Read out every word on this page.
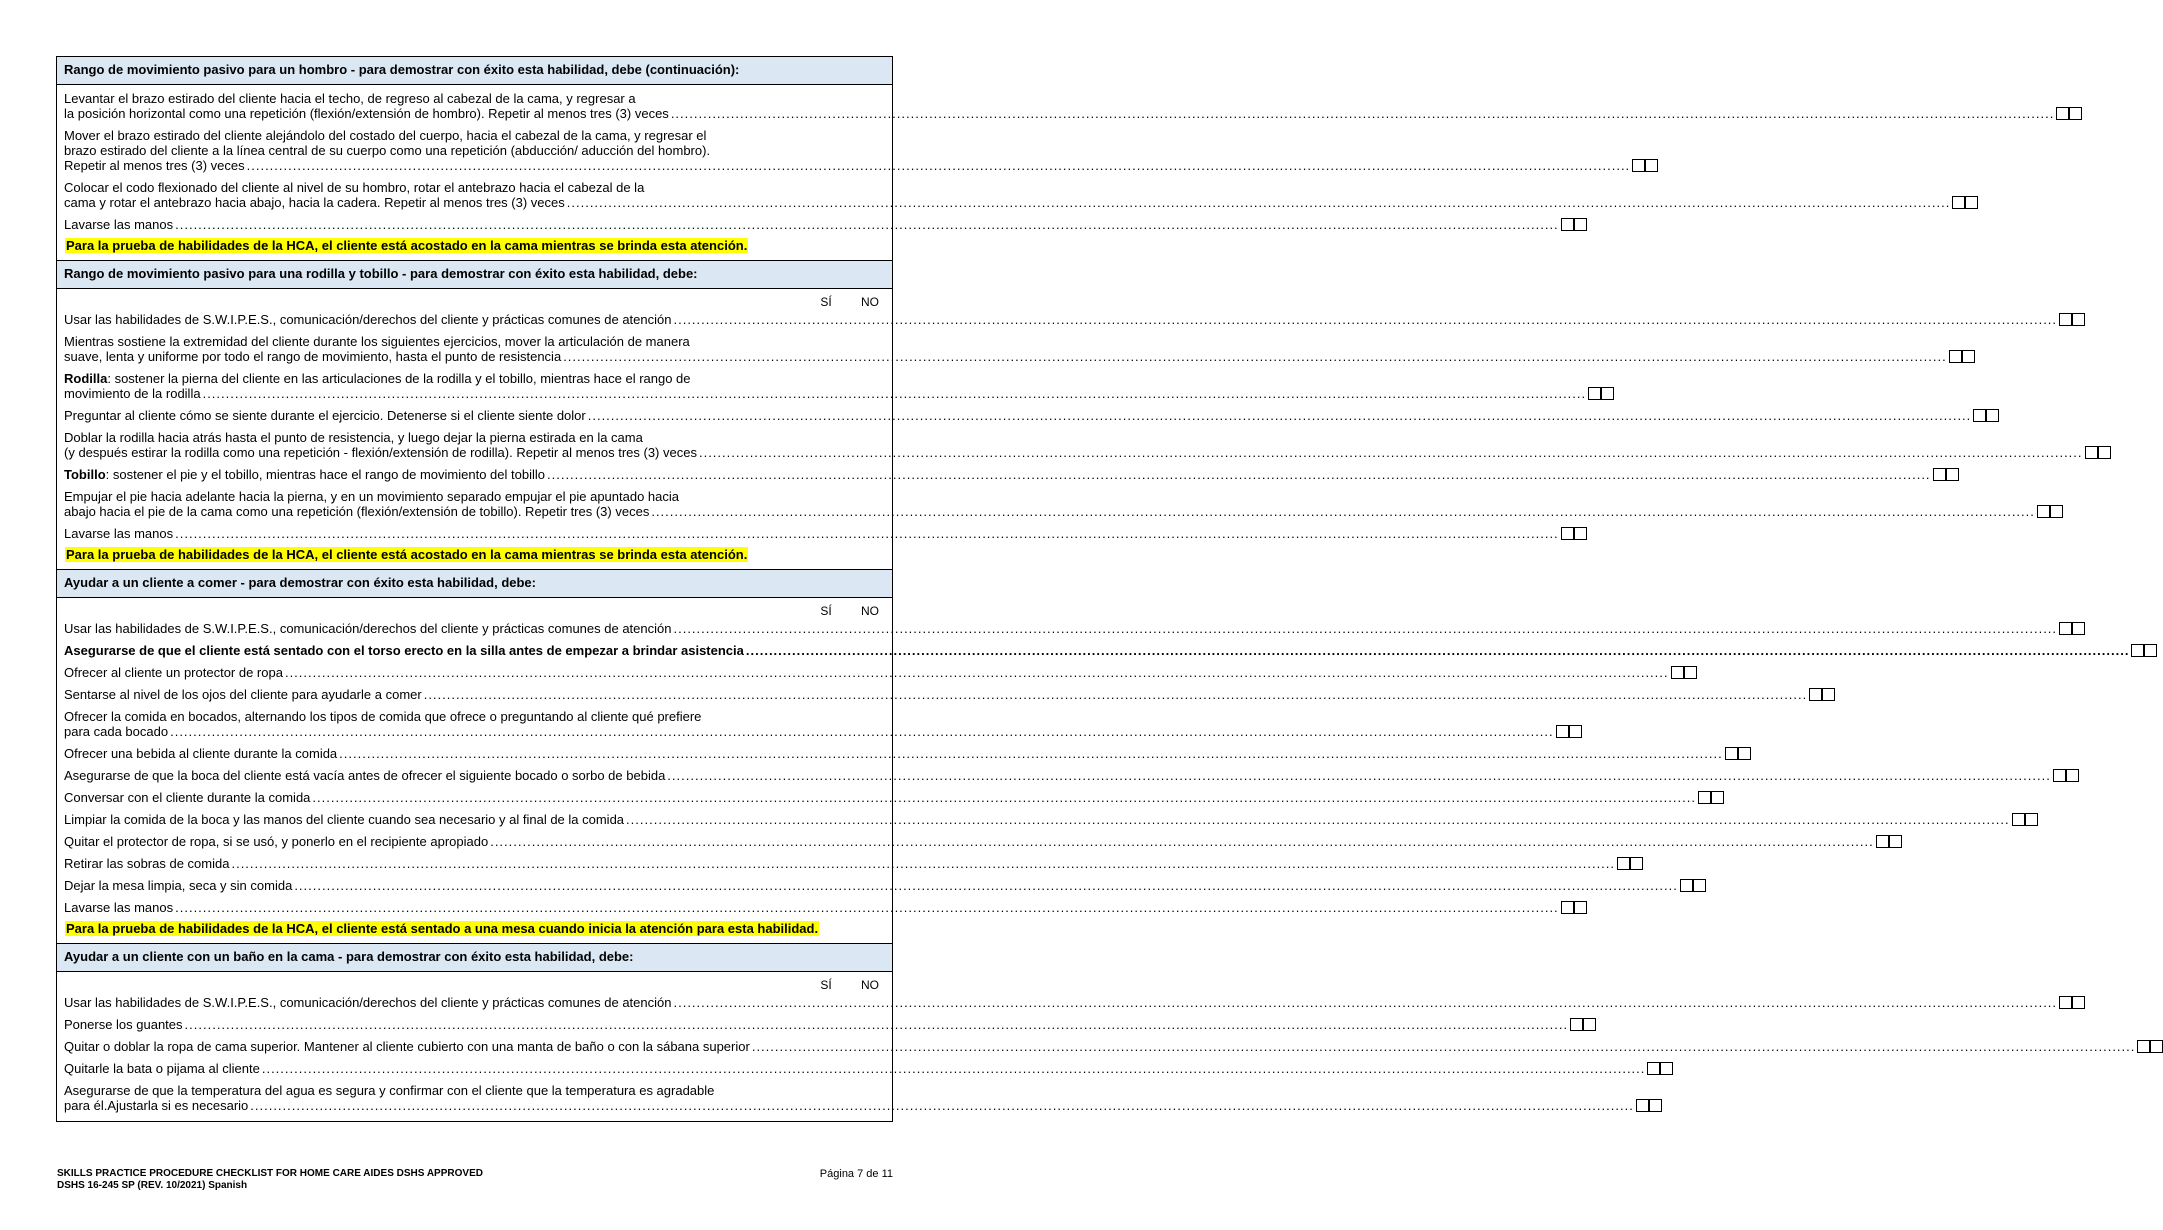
Rango de movimiento pasivo para un hombro - para demostrar con éxito esta habilidad, debe (continuación):
Levantar el brazo estirado del cliente hacia el techo, de regreso al cabezal de la cama, y regresar a
la posición horizontal como una repetición (flexión/extensión de hombro). Repetir al menos tres (3) veces ............................................................................................................................................................................................................................................................................................................
Mover el brazo estirado del cliente alejándolo del costado del cuerpo, hacia el cabezal de la cama, y regresar el
brazo estirado del cliente a la línea central de su cuerpo como una repetición (abducción/ aducción del hombro).
Repetir al menos tres (3) veces ............................................................................................................................................................................................................................................................................................................
Colocar el codo flexionado del cliente al nivel de su hombro, rotar el antebrazo hacia el cabezal de la
cama y rotar el antebrazo hacia abajo, hacia la cadera. Repetir al menos tres (3) veces ............................................................................................................................................................................................................................................................................................................
Lavarse las manos ............................................................................................................................................................................................................................................................................................................
Para la prueba de habilidades de la HCA, el cliente está acostado en la cama mientras se brinda esta atención.
Rango de movimiento pasivo para una rodilla y tobillo - para demostrar con éxito esta habilidad, debe:
SÍ	NO
Usar las habilidades de S.W.I.P.E.S., comunicación/derechos del cliente y prácticas comunes de atención ............................................................................................................................................................................................................................................................................................................
Mientras sostiene la extremidad del cliente durante los siguientes ejercicios, mover la articulación de manera
suave, lenta y uniforme por todo el rango de movimiento, hasta el punto de resistencia ............................................................................................................................................................................................................................................................................................................
Rodilla: sostener la pierna del cliente en las articulaciones de la rodilla y el tobillo, mientras hace el rango de
movimiento de la rodilla ............................................................................................................................................................................................................................................................................................................
Preguntar al cliente cómo se siente durante el ejercicio. Detenerse si el cliente siente dolor ............................................................................................................................................................................................................................................................................................................
Doblar la rodilla hacia atrás hasta el punto de resistencia, y luego dejar la pierna estirada en la cama
(y después estirar la rodilla como una repetición - flexión/extensión de rodilla). Repetir al menos tres (3) veces ............................................................................................................................................................................................................................................................................................................
Tobillo: sostener el pie y el tobillo, mientras hace el rango de movimiento del tobillo ............................................................................................................................................................................................................................................................................................................
Empujar el pie hacia adelante hacia la pierna, y en un movimiento separado empujar el pie apuntado hacia
abajo hacia el pie de la cama como una repetición (flexión/extensión de tobillo). Repetir tres (3) veces ............................................................................................................................................................................................................................................................................................................
Lavarse las manos ............................................................................................................................................................................................................................................................................................................
Para la prueba de habilidades de la HCA, el cliente está acostado en la cama mientras se brinda esta atención.
Ayudar a un cliente a comer - para demostrar con éxito esta habilidad, debe:
SÍ	NO
Usar las habilidades de S.W.I.P.E.S., comunicación/derechos del cliente y prácticas comunes de atención ............................................................................................................................................................................................................................................................................................................
Asegurarse de que el cliente está sentado con el torso erecto en la silla antes de empezar a brindar asistencia ............................................................................................................................................................................................................................................................................................................
Ofrecer al cliente un protector de ropa ............................................................................................................................................................................................................................................................................................................
Sentarse al nivel de los ojos del cliente para ayudarle a comer ............................................................................................................................................................................................................................................................................................................
Ofrecer la comida en bocados, alternando los tipos de comida que ofrece o preguntando al cliente qué prefiere
para cada bocado ............................................................................................................................................................................................................................................................................................................
Ofrecer una bebida al cliente durante la comida ............................................................................................................................................................................................................................................................................................................
Asegurarse de que la boca del cliente está vacía antes de ofrecer el siguiente bocado o sorbo de bebida ............................................................................................................................................................................................................................................................................................................
Conversar con el cliente durante la comida ............................................................................................................................................................................................................................................................................................................
Limpiar la comida de la boca y las manos del cliente cuando sea necesario y al final de la comida ............................................................................................................................................................................................................................................................................................................
Quitar el protector de ropa, si se usó, y ponerlo en el recipiente apropiado ............................................................................................................................................................................................................................................................................................................
Retirar las sobras de comida ............................................................................................................................................................................................................................................................................................................
Dejar la mesa limpia, seca y sin comida ............................................................................................................................................................................................................................................................................................................
Lavarse las manos ............................................................................................................................................................................................................................................................................................................
Para la prueba de habilidades de la HCA, el cliente está sentado a una mesa cuando inicia la atención para esta habilidad.
Ayudar a un cliente con un baño en la cama - para demostrar con éxito esta habilidad, debe:
SÍ	NO
Usar las habilidades de S.W.I.P.E.S., comunicación/derechos del cliente y prácticas comunes de atención ............................................................................................................................................................................................................................................................................................................
Ponerse los guantes ............................................................................................................................................................................................................................................................................................................
Quitar o doblar la ropa de cama superior. Mantener al cliente cubierto con una manta de baño o con la sábana superior ............................................................................................................................................................................................................................................................................................................
Quitarle la bata o pijama al cliente ............................................................................................................................................................................................................................................................................................................
Asegurarse de que la temperatura del agua es segura y confirmar con el cliente que la temperatura es agradable
para él.Ajustarla si es necesario ............................................................................................................................................................................................................................................................................................................
SKILLS PRACTICE PROCEDURE CHECKLIST FOR HOME CARE AIDES DSHS APPROVED
DSHS 16-245 SP (REV. 10/2021) Spanish
Página 7 de 11
